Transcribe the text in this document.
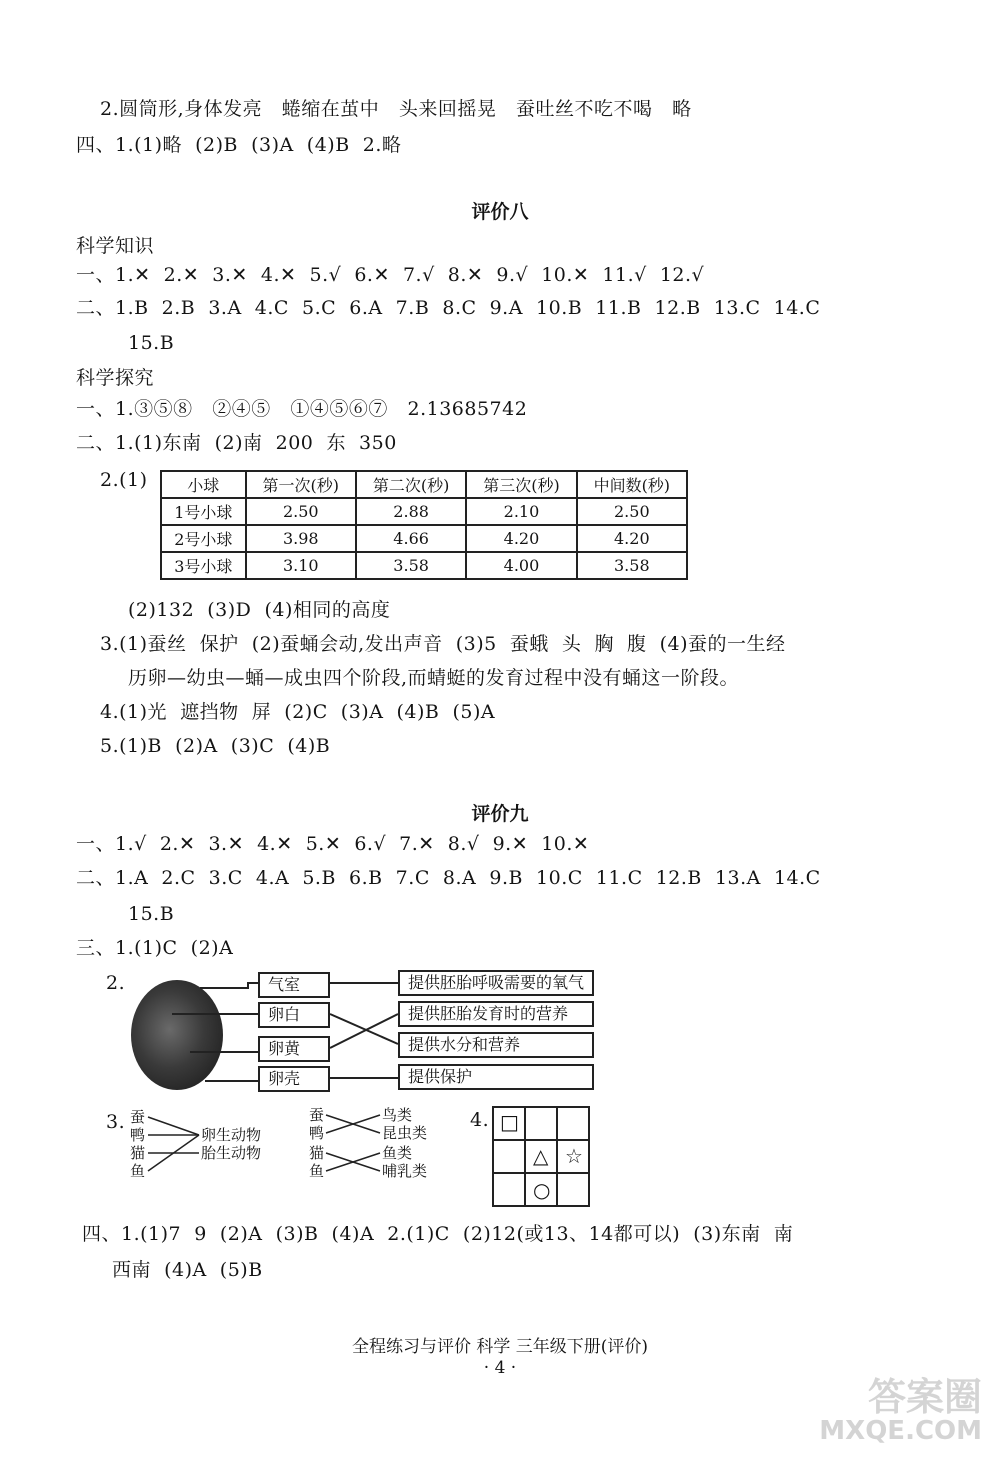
2.圆筒形,身体发亮   蜷缩在茧中   头来回摇晃   蚕吐丝不吃不喝   略
四、1.(1)略  (2)B  (3)A  (4)B  2.略
评价八
科学知识
一、1.✕  2.✕  3.✕  4.✕  5.√  6.✕  7.√  8.✕  9.√  10.✕  11.√  12.√
二、1.B  2.B  3.A  4.C  5.C  6.A  7.B  8.C  9.A  10.B  11.B  12.B  13.C  14.C
15.B
科学探究
一、1.③⑤⑧   ②④⑤   ①④⑤⑥⑦   2.13685742
二、1.(1)东南  (2)南  200  东  350
2.(1) 小球	第一次(秒)	第二次(秒)	第三次(秒)	中间数(秒)
1号小球	2.50	2.88	2.10	2.50
2号小球	3.98	4.66	4.20	4.20
3号小球	3.10	3.58	4.00	3.58
(2)132  (3)D  (4)相同的高度
3.(1)蚕丝  保护  (2)蚕蛹会动,发出声音  (3)5  蚕蛾  头  胸  腹  (4)蚕的一生经
历卵—幼虫—蛹—成虫四个阶段,而蜻蜓的发育过程中没有蛹这一阶段。
4.(1)光  遮挡物  屏  (2)C  (3)A  (4)B  (5)A
5.(1)B  (2)A  (3)C  (4)B
评价九
一、1.√  2.✕  3.✕  4.✕  5.✕  6.√  7.✕  8.√  9.✕  10.✕
二、1.A  2.C  3.C  4.A  5.B  6.B  7.C  8.A  9.B  10.C  11.C  12.B  13.A  14.C
15.B
三、1.(1)C  (2)A
2.	气室
卵白
卵黄
卵壳
提供胚胎呼吸需要的氧气
提供胚胎发育时的营养
提供水分和营养
提供保护
3. 蚕
鸭
猫
鱼
卵生动物
胎生动物
蚕
鸭
猫
鱼
鸟类
昆虫类
鱼类
哺乳类
4. □
△ ☆
○
四、1.(1)7  9  (2)A  (3)B  (4)A  2.(1)C  (2)12(或13、14都可以)  (3)东南  南
西南  (4)A  (5)B
全程练习与评价 科学 三年级下册(评价)
· 4 ·
答案圈
MXQE.COM
